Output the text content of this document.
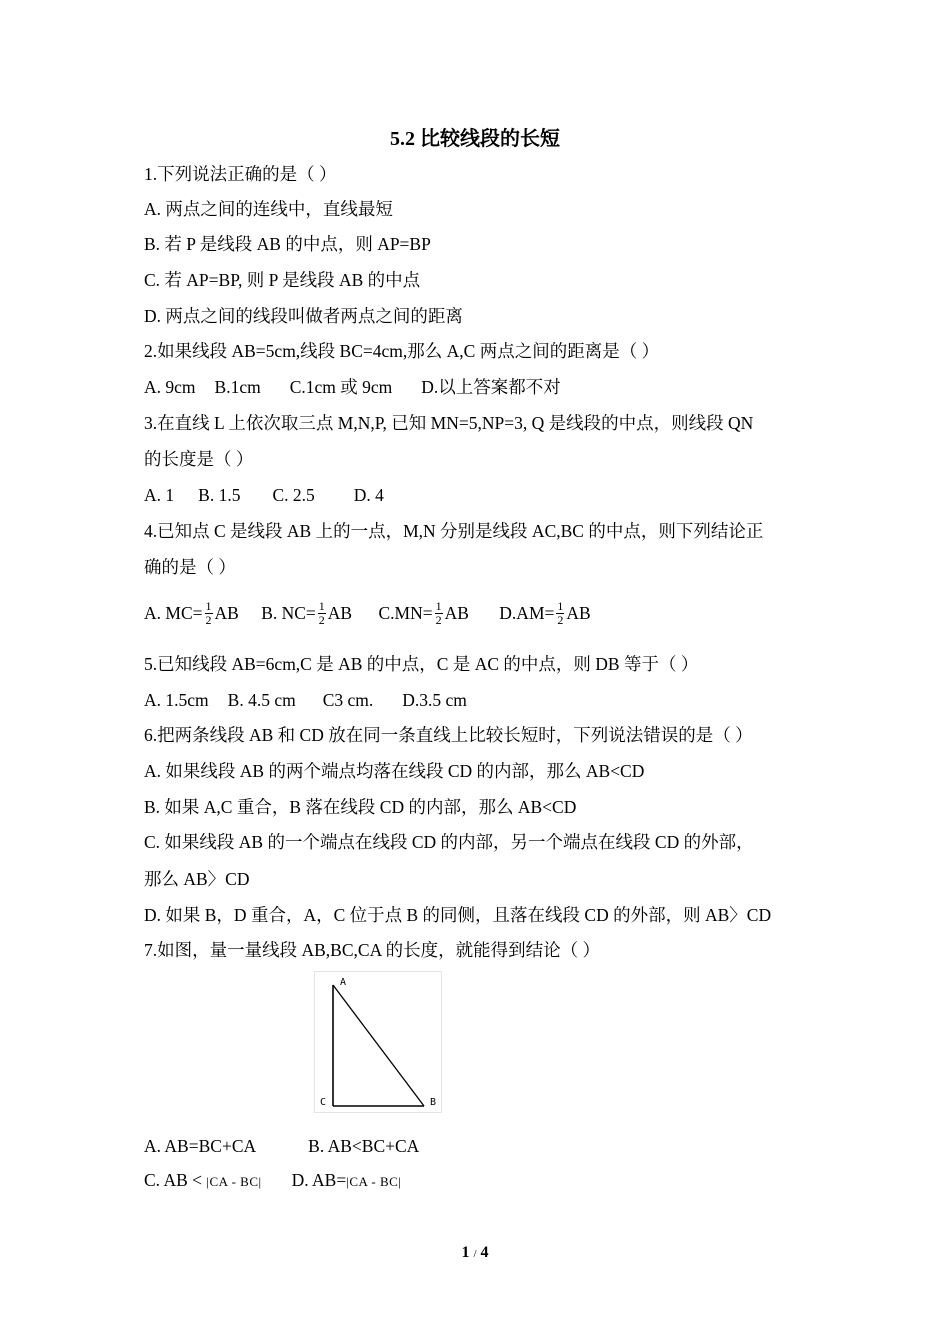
5.2 比较线段的长短
1.下列说法正确的是（ ）
A. 两点之间的连线中，直线最短
B. 若 P 是线段 AB 的中点，则 AP=BP
C. 若 AP=BP, 则 P 是线段 AB 的中点
D. 两点之间的线段叫做者两点之间的距离
2.如果线段 AB=5cm,线段 BC=4cm,那么 A,C 两点之间的距离是（ ）
A. 9cm B.1cm C.1cm 或 9cm D.以上答案都不对
3.在直线 L 上依次取三点 M,N,P, 已知 MN=5,NP=3, Q 是线段的中点，则线段 QN
的长度是（ ）
A. 1 B. 1.5 C. 2.5 D. 4
4.已知点 C 是线段 AB 上的一点，M,N 分别是线段 AC,BC 的中点，则下列结论正
确的是（ ）
A. $MC= \frac{1}{2}$ AB B. $NC= \frac{1}{2}$ AB $C.MN= \frac{1}{2}$ AB $D.AM= \frac{1}{2}$ AB
5.已知线段 AB=6cm,C 是 AB 的中点，C 是 AC 的中点，则 DB 等于（ ）
A. 1.5cm B. 4.5 cm C3 cm. D.3.5 cm
6.把两条线段 AB 和 CD 放在同一条直线上比较长短时，下列说法错误的是（ ）
A. 如果线段 AB 的两个端点均落在线段 CD 的内部，那么 AB<CD
B. 如果 A,C 重合，B 落在线段 CD 的内部，那么 AB<CD
C. 如果线段 AB 的一个端点在线段 CD 的内部，另一个端点在线段 CD 的外部，
那么 AB〉CD
D. 如果 B，D 重合，A，C 位于点 B 的同侧，且落在线段 CD 的外部，则 AB〉CD
7.如图，量一量线段 AB,BC,CA 的长度，就能得到结论（ ）
A
C	B
A. AB=BC+CA	B. AB<BC+CA
C. AB < |CA - BC| D. AB=|CA - BC|
1 / 4
